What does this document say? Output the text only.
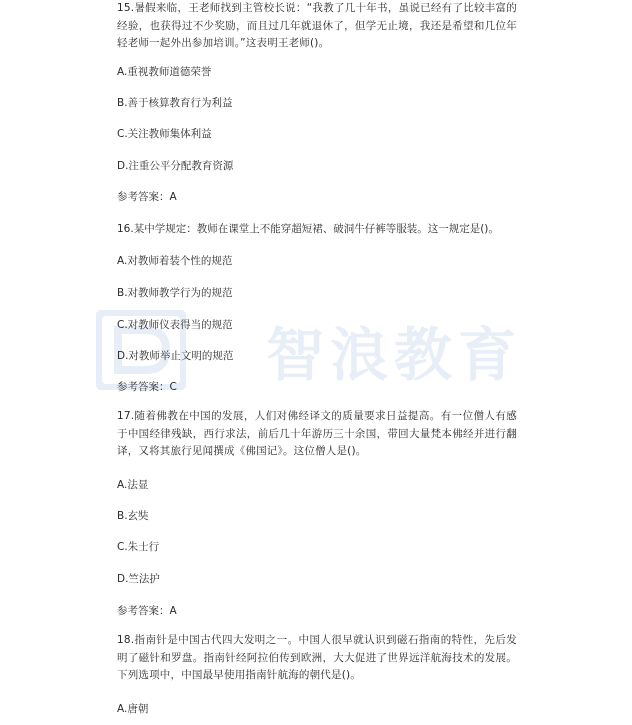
智浪教育

15.暑假来临，王老师找到主管校长说：“我教了几十年书，虽说已经有了比较丰富的经验，也获得过不少奖励，而且过几年就退休了，但学无止境，我还是希望和几位年轻老师一起外出参加培训。”这表明王老师()。

A.重视教师道德荣誉

B.善于核算教育行为利益

C.关注教师集体利益

D.注重公平分配教育资源

参考答案：A

16.某中学规定：教师在课堂上不能穿超短裙、破洞牛仔裤等服装。这一规定是()。

A.对教师着装个性的规范

B.对教师教学行为的规范

C.对教师仪表得当的规范

D.对教师举止文明的规范

参考答案：C

17.随着佛教在中国的发展，人们对佛经译文的质量要求日益提高。有一位僧人有感于中国经律残缺，西行求法，前后几十年游历三十余国，带回大量梵本佛经并进行翻译，又将其旅行见闻撰成《佛国记》。这位僧人是()。

A.法显

B.玄奘

C.朱士行

D.竺法护

参考答案：A

18.指南针是中国古代四大发明之一。中国人很早就认识到磁石指南的特性，先后发明了磁针和罗盘。指南针经阿拉伯传到欧洲，大大促进了世界远洋航海技术的发展。下列选项中，中国最早使用指南针航海的朝代是()。

A.唐朝
